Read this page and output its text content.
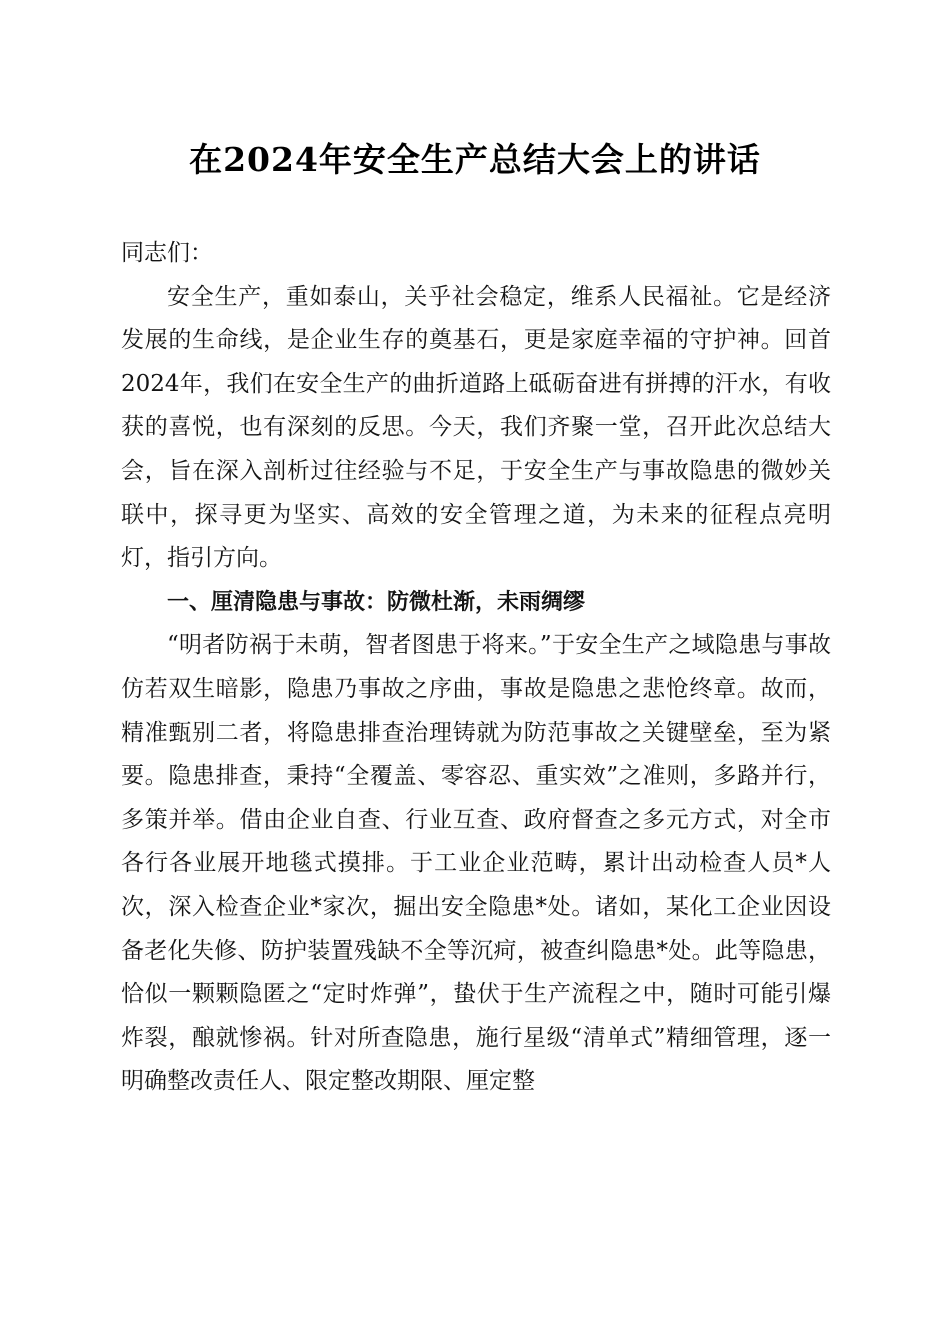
在2024年安全生产总结大会上的讲话

同志们：

安全生产，重如泰山，关乎社会稳定，维系人民福祉。它是经济发展的生命线，是企业生存的奠基石，更是家庭幸福的守护神。回首2024年，我们在安全生产的曲折道路上砥砺奋进有拼搏的汗水，有收获的喜悦，也有深刻的反思。今天，我们齐聚一堂，召开此次总结大会，旨在深入剖析过往经验与不足，于安全生产与事故隐患的微妙关联中，探寻更为坚实、高效的安全管理之道，为未来的征程点亮明灯，指引方向。

一、厘清隐患与事故：防微杜渐，未雨绸缪

“明者防祸于未萌，智者图患于将来。”于安全生产之域隐患与事故仿若双生暗影，隐患乃事故之序曲，事故是隐患之悲怆终章。故而，精准甄别二者，将隐患排查治理铸就为防范事故之关键壁垒，至为紧要。隐患排查，秉持“全覆盖、零容忍、重实效”之准则，多路并行，多策并举。借由企业自查、行业互查、政府督查之多元方式，对全市各行各业展开地毯式摸排。于工业企业范畴，累计出动检查人员*人次，深入检查企业*家次，掘出安全隐患*处。诸如，某化工企业因设备老化失修、防护装置残缺不全等沉疴，被查纠隐患*处。此等隐患，恰似一颗颗隐匿之“定时炸弹”，蛰伏于生产流程之中，随时可能引爆炸裂，酿就惨祸。针对所查隐患，施行星级“清单式”精细管理，逐一明确整改责任人、限定整改期限、厘定整
